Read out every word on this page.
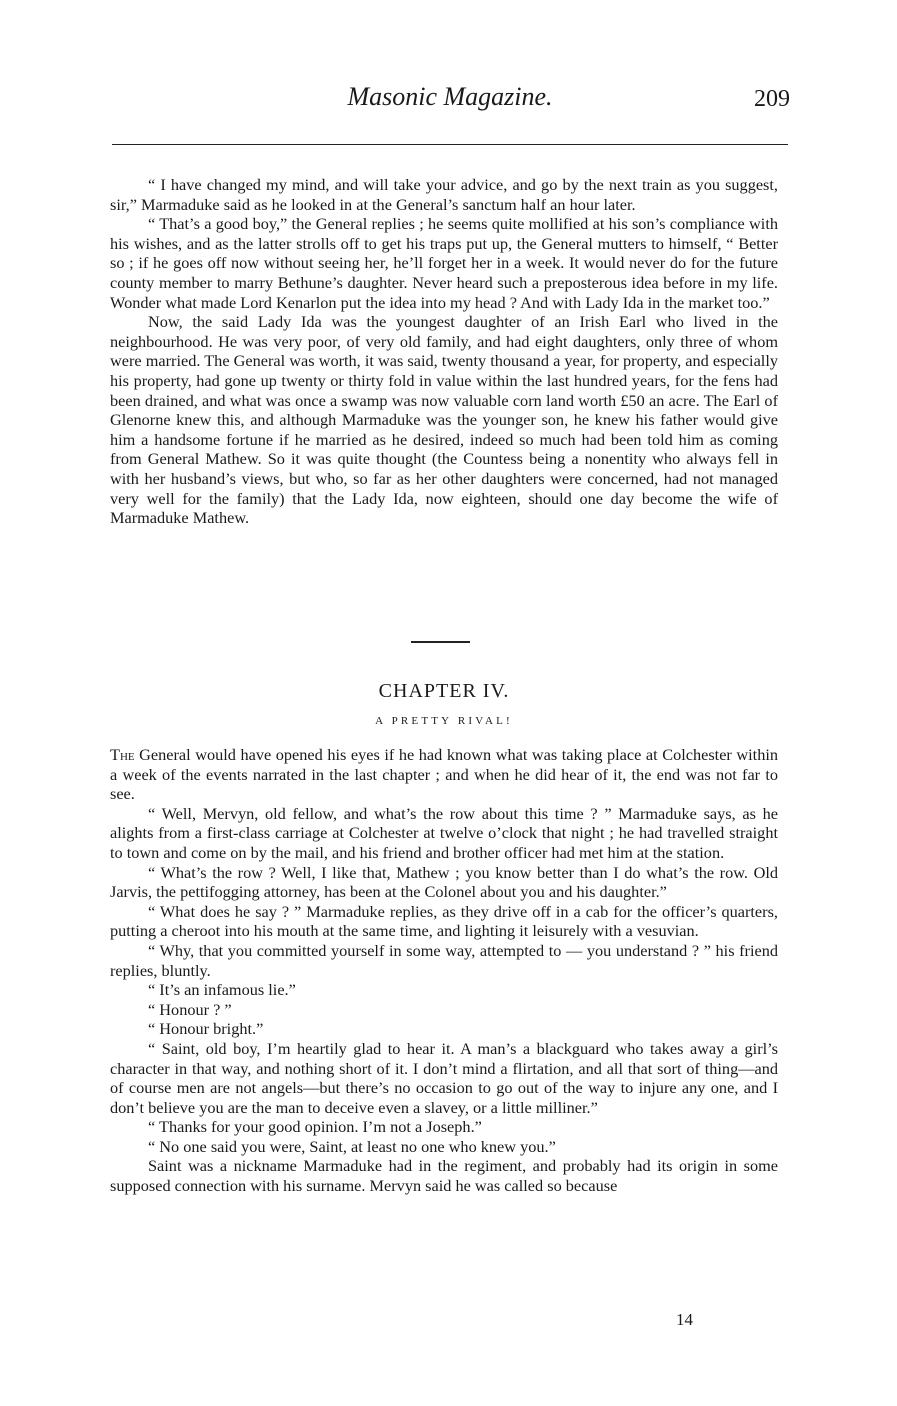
Masonic Magazine.	209

“ I have changed my mind, and will take your advice, and go by the next train as you suggest, sir,” Marmaduke said as he looked in at the General’s sanctum half an hour later.

“ That’s a good boy,” the General replies ; he seems quite mollified at his son’s compliance with his wishes, and as the latter strolls off to get his traps put up, the General mutters to himself, “ Better so ; if he goes off now without seeing her, he’ll forget her in a week. It would never do for the future county member to marry Bethune’s daughter. Never heard such a preposterous idea before in my life. Wonder what made Lord Kenarlon put the idea into my head ? And with Lady Ida in the market too.”

Now, the said Lady Ida was the youngest daughter of an Irish Earl who lived in the neighbourhood. He was very poor, of very old family, and had eight daughters, only three of whom were married. The General was worth, it was said, twenty thousand a year, for property, and especially his property, had gone up twenty or thirty fold in value within the last hundred years, for the fens had been drained, and what was once a swamp was now valuable corn land worth £50 an acre. The Earl of Glenorne knew this, and although Marmaduke was the younger son, he knew his father would give him a handsome fortune if he married as he desired, indeed so much had been told him as coming from General Mathew. So it was quite thought (the Countess being a nonentity who always fell in with her husband’s views, but who, so far as her other daughters were concerned, had not managed very well for the family) that the Lady Ida, now eighteen, should one day become the wife of Marmaduke Mathew.

CHAPTER IV.
A PRETTY RIVAL!

The General would have opened his eyes if he had known what was taking place at Colchester within a week of the events narrated in the last chapter ; and when he did hear of it, the end was not far to see.

“ Well, Mervyn, old fellow, and what’s the row about this time ? ” Marmaduke says, as he alights from a first-class carriage at Colchester at twelve o’clock that night ; he had travelled straight to town and come on by the mail, and his friend and brother officer had met him at the station.

“ What’s the row ? Well, I like that, Mathew ; you know better than I do what’s the row. Old Jarvis, the pettifogging attorney, has been at the Colonel about you and his daughter.”

“ What does he say ? ” Marmaduke replies, as they drive off in a cab for the officer’s quarters, putting a cheroot into his mouth at the same time, and lighting it leisurely with a vesuvian.

“ Why, that you committed yourself in some way, attempted to — you understand ? ” his friend replies, bluntly.

“ It’s an infamous lie.”

“ Honour ? ”

“ Honour bright.”

“ Saint, old boy, I’m heartily glad to hear it. A man’s a blackguard who takes away a girl’s character in that way, and nothing short of it. I don’t mind a flirtation, and all that sort of thing—and of course men are not angels—but there’s no occasion to go out of the way to injure any one, and I don’t believe you are the man to deceive even a slavey, or a little milliner.”

“ Thanks for your good opinion. I’m not a Joseph.”

“ No one said you were, Saint, at least no one who knew you.”

Saint was a nickname Marmaduke had in the regiment, and probably had its origin in some supposed connection with his surname. Mervyn said he was called so because

14
